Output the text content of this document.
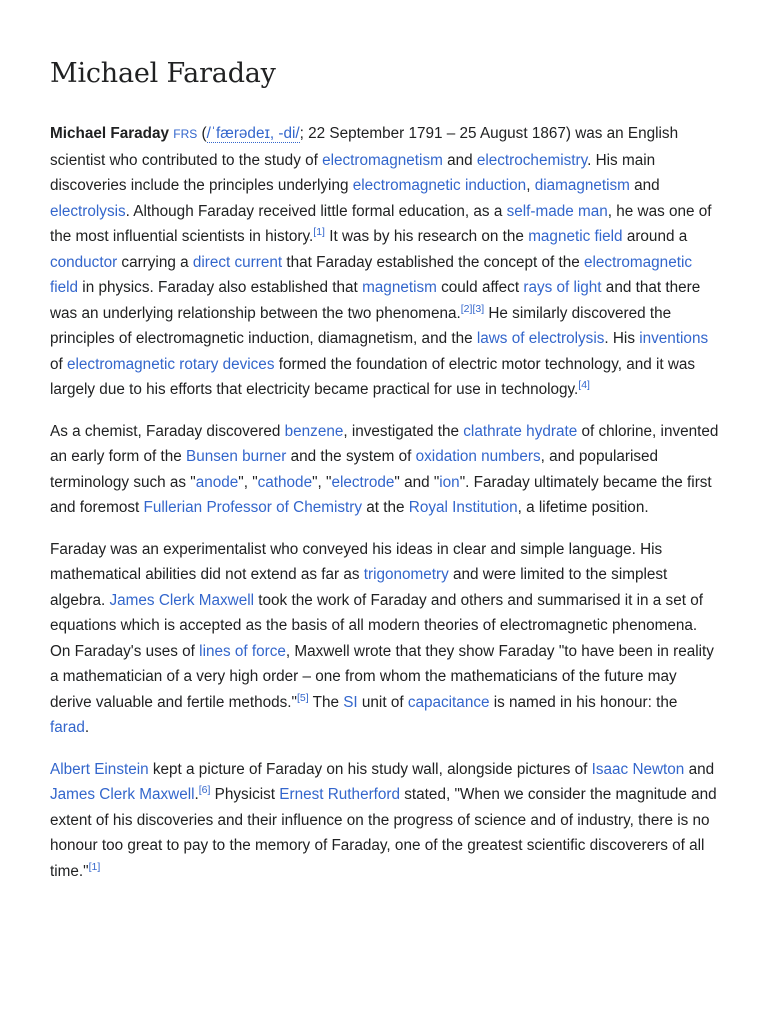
Michael Faraday

Michael Faraday FRS (/ˈfærədeɪ, -di/; 22 September 1791 – 25 August 1867) was an English scientist who contributed to the study of electromagnetism and electrochemistry. His main discoveries include the principles underlying electromagnetic induction, diamagnetism and electrolysis. Although Faraday received little formal education, as a self-made man, he was one of the most influential scientists in history.[1] It was by his research on the magnetic field around a conductor carrying a direct current that Faraday established the concept of the electromagnetic field in physics. Faraday also established that magnetism could affect rays of light and that there was an underlying relationship between the two phenomena.[2][3] He similarly discovered the principles of electromagnetic induction, diamagnetism, and the laws of electrolysis. His inventions of electromagnetic rotary devices formed the foundation of electric motor technology, and it was largely due to his efforts that electricity became practical for use in technology.[4]

As a chemist, Faraday discovered benzene, investigated the clathrate hydrate of chlorine, invented an early form of the Bunsen burner and the system of oxidation numbers, and popularised terminology such as "anode", "cathode", "electrode" and "ion". Faraday ultimately became the first and foremost Fullerian Professor of Chemistry at the Royal Institution, a lifetime position.

Faraday was an experimentalist who conveyed his ideas in clear and simple language. His mathematical abilities did not extend as far as trigonometry and were limited to the simplest algebra. James Clerk Maxwell took the work of Faraday and others and summarised it in a set of equations which is accepted as the basis of all modern theories of electromagnetic phenomena. On Faraday's uses of lines of force, Maxwell wrote that they show Faraday "to have been in reality a mathematician of a very high order – one from whom the mathematicians of the future may derive valuable and fertile methods."[5] The SI unit of capacitance is named in his honour: the farad.

Albert Einstein kept a picture of Faraday on his study wall, alongside pictures of Isaac Newton and James Clerk Maxwell.[6] Physicist Ernest Rutherford stated, "When we consider the magnitude and extent of his discoveries and their influence on the progress of science and of industry, there is no honour too great to pay to the memory of Faraday, one of the greatest scientific discoverers of all time."[1]
